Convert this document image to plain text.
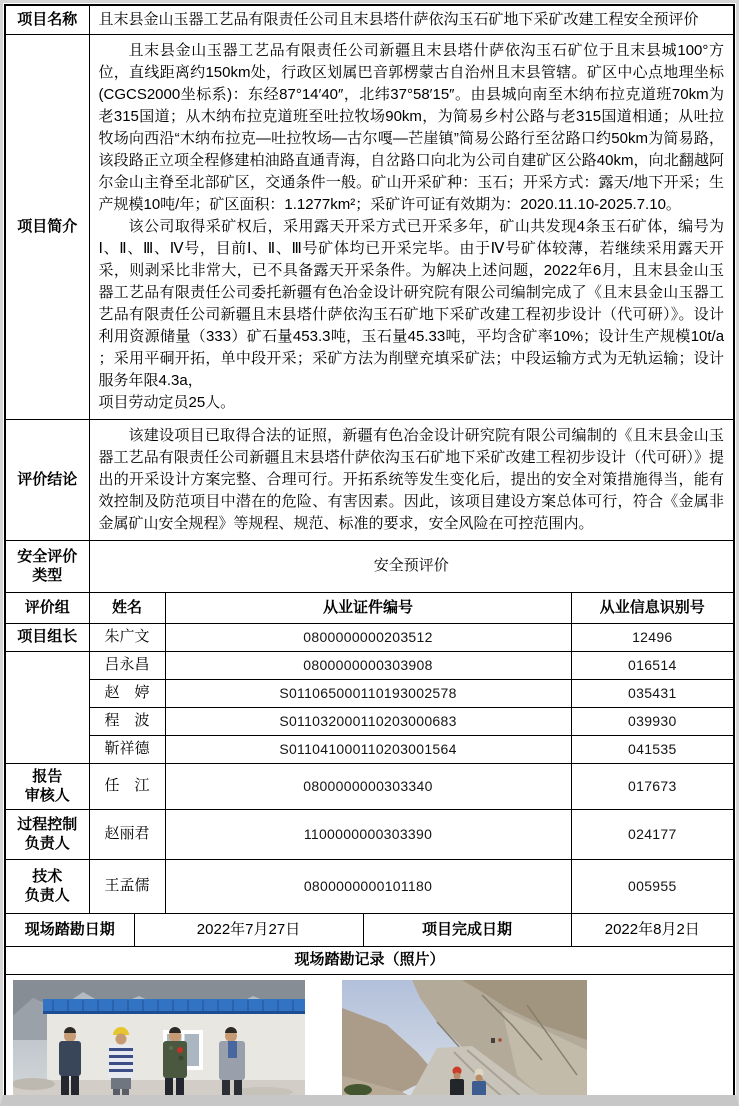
项目名称	且末县金山玉器工艺品有限责任公司且末县塔什萨依沟玉石矿地下采矿改建工程安全预评价				
项目简介	且末县金山玉器工艺品有限责任公司新疆且末县塔什萨依沟玉石矿位于且末县城100°方位，直线距离约150km处，行政区划属巴音郭楞蒙古自治州且末县管辖。矿区中心点地理坐标(CGCS2000坐标系)：东经87°14′40″，北纬37°58′15″。由县城向南至木纳布拉克道班70km为老315国道；从木纳布拉克道班至吐拉牧场90km，为简易乡村公路与老315国道相通；从吐拉牧场向西沿“木纳布拉克—吐拉牧场—古尔嘎—芒崖镇”简易公路行至岔路口约50km为简易路，该段路正立项全程修建柏油路直通青海，自岔路口向北为公司自建矿区公路40km，向北翻越阿尔金山主脊至北部矿区，交通条件一般。矿山开采矿种：玉石；开采方式：露天/地下开采；生产规模10吨/年；矿区面积：1.1277km²；采矿许可证有效期为：2020.11.10-2025.7.10。

该公司取得采矿权后，采用露天开采方式已开采多年，矿山共发现4条玉石矿体，编号为Ⅰ、Ⅱ、Ⅲ、Ⅳ号，目前Ⅰ、Ⅱ、Ⅲ号矿体均已开采完毕。由于Ⅳ号矿体较薄，若继续采用露天开采，则剥采比非常大，已不具备露天开采条件。为解决上述问题，2022年6月，且末县金山玉器工艺品有限责任公司委托新疆有色冶金设计研究院有限公司编制完成了《且末县金山玉器工艺品有限责任公司新疆且末县塔什萨依沟玉石矿地下采矿改建工程初步设计（代可研）》。设计利用资源储量（333）矿石量453.3吨，玉石量45.33吨，平均含矿率10%；设计生产规模10t/a ；采用平硐开拓，单中段开采；采矿方法为削壁充填采矿法；中段运输方式为无轨运输；设计服务年限4.3a，

项目劳动定员25人。				

评价结论	该建设项目已取得合法的证照，新疆有色冶金设计研究院有限公司编制的《且末县金山玉器工艺品有限责任公司新疆且末县塔什萨依沟玉石矿地下采矿改建工程初步设计（代可研）》提出的开采设计方案完整、合理可行。开拓系统等发生变化后，提出的安全对策措施得当，能有效控制及防范项目中潜在的危险、有害因素。因此，该项目建设方案总体可行，符合《金属非金属矿山安全规程》等规程、规范、标准的要求，安全风险在可控范围内。				

安全评价
类型	安全预评价				
评价组	姓名		从业证件编号		从业信息识别号
项目组长	朱广文		0800000000203512		12496
	吕永昌		0800000000303908		016514
	赵　婷		S011065000110193002578		035431
	程　波		S011032000110203000683		039930
	靳祥德		S011041000110203001564		041535

报告
审核人	任　江		0800000000303340		017673

过程控制
负责人	赵丽君		1100000000303390		024177

技术
负责人	王孟儒		0800000000101180		005955
现场踏勘日期		2022年7月27日		项目完成日期	2022年8月2日
现场踏勘记录（照片）					
